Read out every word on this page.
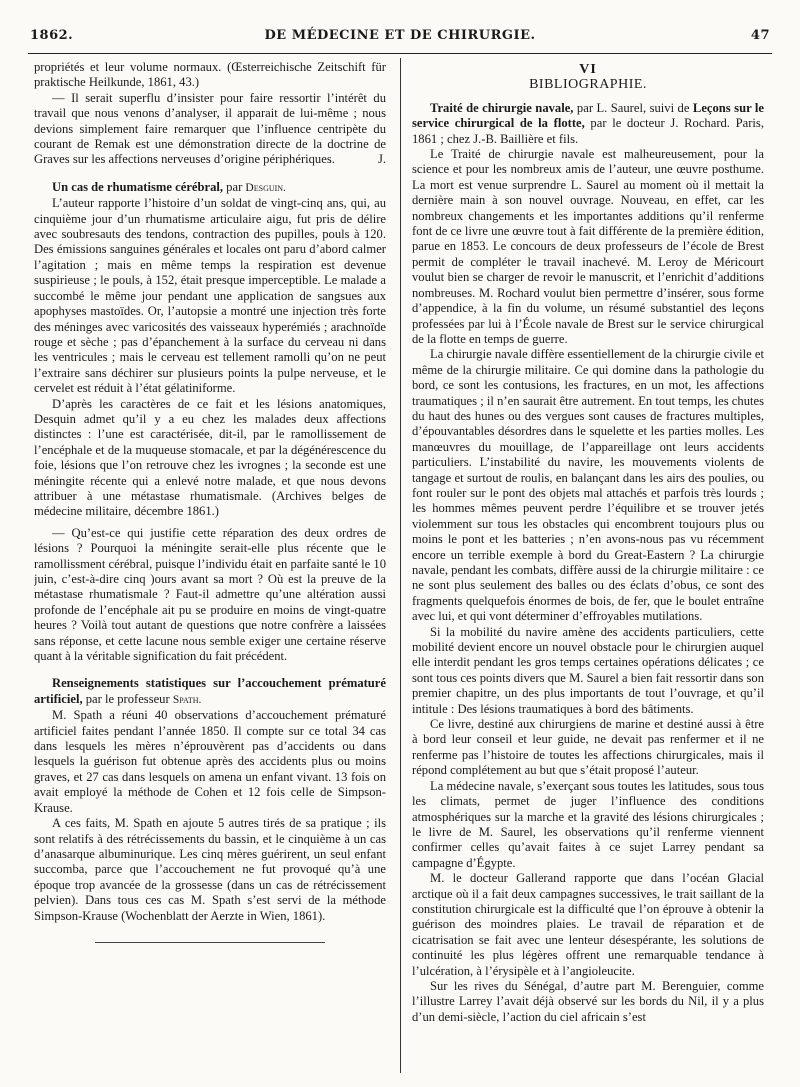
1862.	DE MÉDECINE ET DE CHIRURGIE.	47

propriétés et leur volume normaux. (Œsterreichische Zeitschift für praktische Heilkunde, 1861, 43.)

— Il serait superflu d’insister pour faire ressortir l’intérêt du travail que nous venons d’analyser, il apparait de lui-même ; nous devions simplement faire remarquer que l’influence centripète du courant de Remak est une démonstration directe de la doctrine de Graves sur les affections nerveuses d’origine périphériques.	J.

Un cas de rhumatisme cérébral, par Desguin.

L’auteur rapporte l’histoire d’un soldat de vingt-cinq ans, qui, au cinquième jour d’un rhumatisme articulaire aigu, fut pris de délire avec soubresauts des tendons, contraction des pupilles, pouls à 120. Des émissions sanguines générales et locales ont paru d’abord calmer l’agitation ; mais en même temps la respiration est devenue suspirieuse ; le pouls, à 152, était presque imperceptible. Le malade a succombé le même jour pendant une application de sangsues aux apophyses mastoïdes. Or, l’autopsie a montré une injection très forte des méninges avec varicosités des vaisseaux hyperémiés ; arachnoïde rouge et sèche ; pas d’épanchement à la surface du cerveau ni dans les ventricules ; mais le cerveau est tellement ramolli qu’on ne peut l’extraire sans déchirer sur plusieurs points la pulpe nerveuse, et le cervelet est réduit à l’état gélatiniforme.

D’après les caractères de ce fait et les lésions anatomiques, Desquin admet qu’il y a eu chez les malades deux affections distinctes : l’une est caractérisée, dit-il, par le ramollissement de l’encéphale et de la muqueuse stomacale, et par la dégénérescence du foie, lésions que l’on retrouve chez les ivrognes ; la seconde est une méningite récente qui a enlevé notre malade, et que nous devons attribuer à une métastase rhumatismale. (Archives belges de médecine militaire, décembre 1861.)

— Qu’est-ce qui justifie cette réparation des deux ordres de lésions ? Pourquoi la méningite serait-elle plus récente que le ramollissment cérébral, puisque l’individu était en parfaite santé le 10 juin, c’est-à-dire cinq )ours avant sa mort ? Où est la preuve de la métastase rhumatismale ? Faut-il admettre qu’une altération aussi profonde de l’encéphale ait pu se produire en moins de vingt-quatre heures ? Voilà tout autant de questions que notre confrère a laissées sans réponse, et cette lacune nous semble exiger une certaine réserve quant à la véritable signification du fait précédent.

Renseignements statistiques sur l’accouchement prématuré artificiel, par le professeur Spath.

M. Spath a réuni 40 observations d’accouchement prématuré artificiel faites pendant l’année 1850. Il compte sur ce total 34 cas dans lesquels les mères n’éprouvèrent pas d’accidents ou dans lesquels la guérison fut obtenue après des accidents plus ou moins graves, et 27 cas dans lesquels on amena un enfant vivant. 13 fois on avait employé la méthode de Cohen et 12 fois celle de Simpson-Krause.

A ces faits, M. Spath en ajoute 5 autres tirés de sa pratique ; ils sont relatifs à des rétrécissements du bassin, et le cinquième à un cas d’anasarque albuminurique. Les cinq mères guérirent, un seul enfant succomba, parce que l’accouchement ne fut provoqué qu’à une époque trop avancée de la grossesse (dans un cas de rétrécissement pelvien). Dans tous ces cas M. Spath s’est servi de la méthode Simpson-Krause (Wochenblatt der Aerzte in Wien, 1861).

VI
BIBLIOGRAPHIE.

Traité de chirurgie navale, par L. Saurel, suivi de Leçons sur le service chirurgical de la flotte, par le docteur J. Rochard. Paris, 1861 ; chez J.-B. Baillière et fils.

Le Traité de chirurgie navale est malheureusement, pour la science et pour les nombreux amis de l’auteur, une œuvre posthume. La mort est venue surprendre L. Saurel au moment où il mettait la dernière main à son nouvel ouvrage. Nouveau, en effet, car les nombreux changements et les importantes additions qu’il renferme font de ce livre une œuvre tout à fait différente de la première édition, parue en 1853. Le concours de deux professeurs de l’école de Brest permit de compléter le travail inachevé. M. Leroy de Méricourt voulut bien se charger de revoir le manuscrit, et l’enrichit d’additions nombreuses. M. Rochard voulut bien permettre d’insérer, sous forme d’appendice, à la fin du volume, un résumé substantiel des leçons professées par lui à l’École navale de Brest sur le service chirurgical de la flotte en temps de guerre.

La chirurgie navale diffère essentiellement de la chirurgie civile et même de la chirurgie militaire. Ce qui domine dans la pathologie du bord, ce sont les contusions, les fractures, en un mot, les affections traumatiques ; il n’en saurait être autrement. En tout temps, les chutes du haut des hunes ou des vergues sont causes de fractures multiples, d’épouvantables désordres dans le squelette et les parties molles. Les manœuvres du mouillage, de l’appareillage ont leurs accidents particuliers. L’instabilité du navire, les mouvements violents de tangage et surtout de roulis, en balançant dans les airs des poulies, ou font rouler sur le pont des objets mal attachés et parfois très lourds ; les hommes mêmes peuvent perdre l’équilibre et se trouver jetés violemment sur tous les obstacles qui encombrent toujours plus ou moins le pont et les batteries ; n’en avons-nous pas vu récemment encore un terrible exemple à bord du Great-Eastern ? La chirurgie navale, pendant les combats, diffère aussi de la chirurgie militaire : ce ne sont plus seulement des balles ou des éclats d’obus, ce sont des fragments quelquefois énormes de bois, de fer, que le boulet entraîne avec lui, et qui vont déterminer d’effroyables mutilations.

Si la mobilité du navire amène des accidents particuliers, cette mobilité devient encore un nouvel obstacle pour le chirurgien auquel elle interdit pendant les gros temps certaines opérations délicates ; ce sont tous ces points divers que M. Saurel a bien fait ressortir dans son premier chapitre, un des plus importants de tout l’ouvrage, et qu’il intitule : Des lésions traumatiques à bord des bâtiments.

Ce livre, destiné aux chirurgiens de marine et destiné aussi à être à bord leur conseil et leur guide, ne devait pas renfermer et il ne renferme pas l’histoire de toutes les affections chirurgicales, mais il répond complétement au but que s’était proposé l’auteur.

La médecine navale, s’exerçant sous toutes les latitudes, sous tous les climats, permet de juger l’influence des conditions atmosphériques sur la marche et la gravité des lésions chirurgicales ; le livre de M. Saurel, les observations qu’il renferme viennent confirmer celles qu’avait faites à ce sujet Larrey pendant sa campagne d’Égypte.

M. le docteur Gallerand rapporte que dans l’océan Glacial arctique où il a fait deux campagnes successives, le trait saillant de la constitution chirurgicale est la difficulté que l’on éprouve à obtenir la guérison des moindres plaies. Le travail de réparation et de cicatrisation se fait avec une lenteur désespérante, les solutions de continuité les plus légères offrent une remarquable tendance à l’ulcération, à l’érysipèle et à l’angioleucite.

Sur les rives du Sénégal, d’autre part M. Berenguier, comme l’illustre Larrey l’avait déjà observé sur les bords du Nil, il y a plus d’un demi-siècle, l’action du ciel africain s’est
